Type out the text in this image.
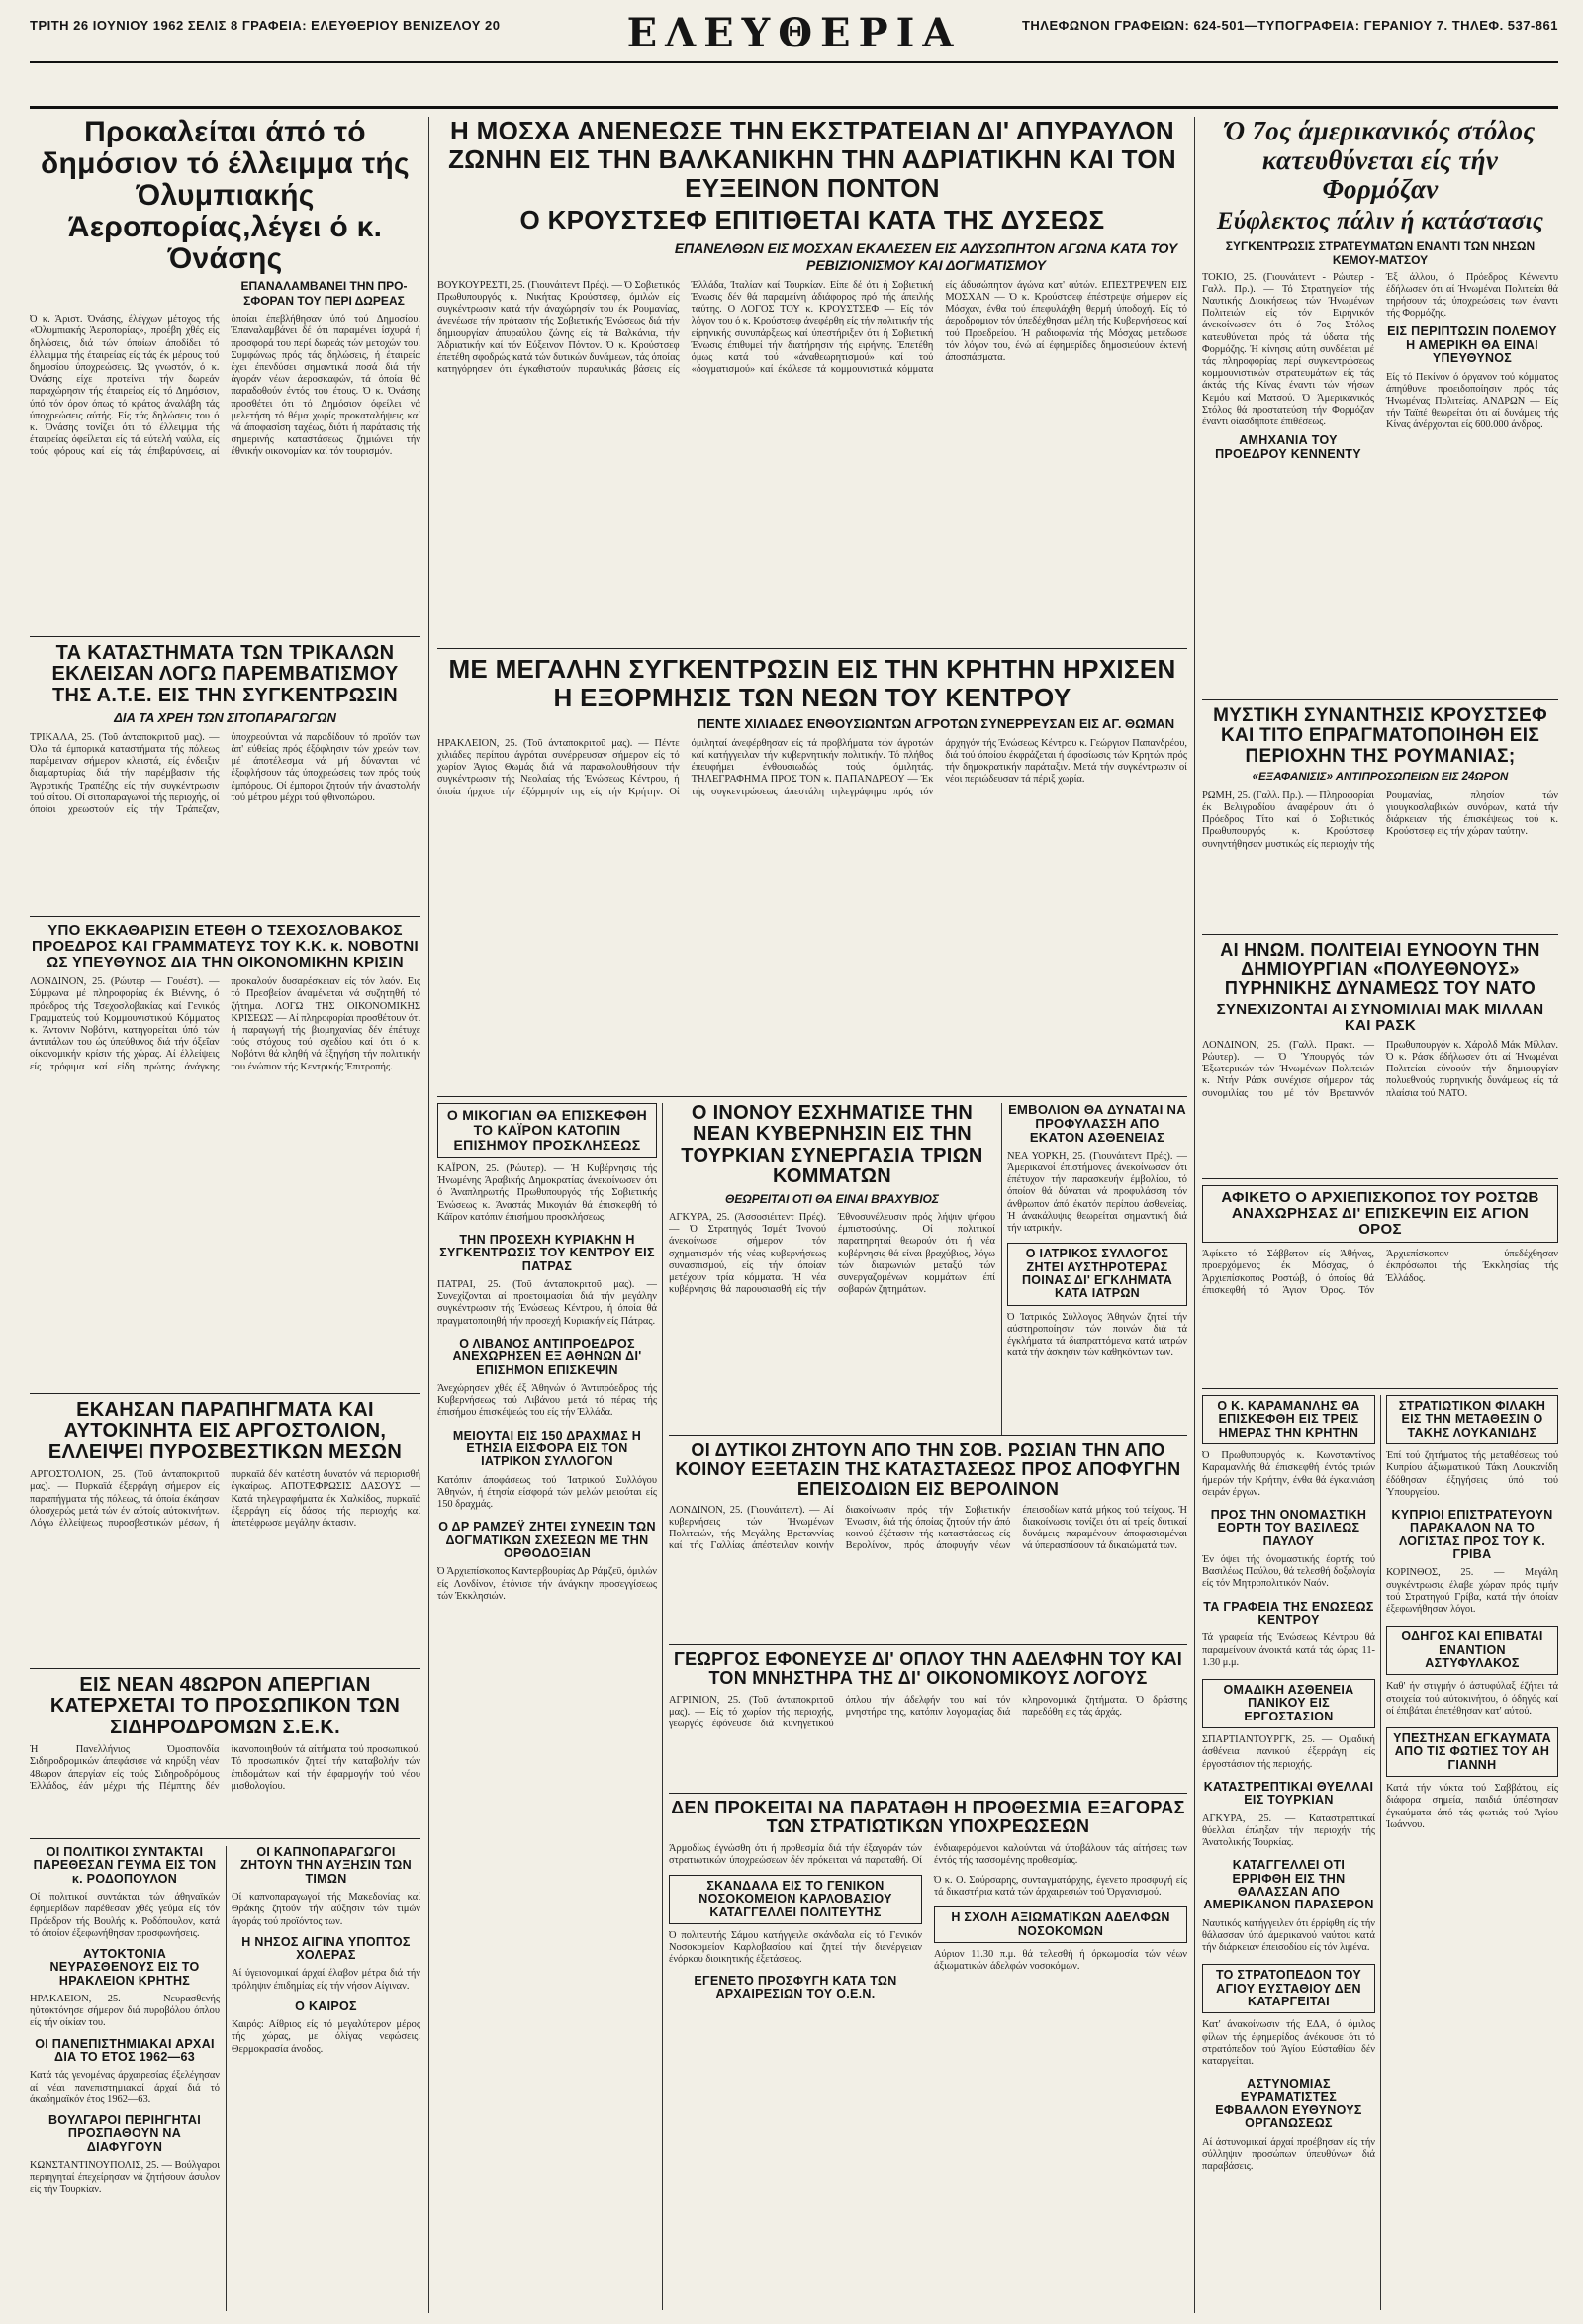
ΤΡΙΤΗ 26 ΙΟΥΝΙΟΥ 1962 ΣΕΛΙΣ 8 ΓΡΑΦΕΙΑ: ΕΛΕΥΘΕΡΙΟΥ ΒΕΝΙΖΕΛΟΥ 20	ΕΛΕΥΘΕΡΙΑ	ΤΗΛΕΦΩΝΟΝ ΓΡΑΦΕΙΩΝ: 624-501—ΤΥΠΟΓΡΑΦΕΙΑ: ΓΕΡΑΝΙΟΥ 7. ΤΗΛΕΦ. 537-861
Προκαλείται άπό τό δημόσιον τό έλλειμμα τής Όλυμπιακής Άεροπορίας,λέγει ό κ. Όνάσης
ΕΠΑΝΑΛΑΜΒΑΝΕΙ ΤΗΝ ΠΡΟ-ΣΦΟΡΑΝ ΤΟΥ ΠΕΡΙ ΔΩΡΕΑΣ
Ό κ. Άριστ. Όνάσης, έλέγχων μέτοχος τής «Όλυμπιακής Άεροπορίας», προέβη χθές είς δηλώσεις, διά τών όποίων άποδίδει τό έλλειμμα τής έταιρείας είς τάς έκ μέρους τού δημοσίου ύποχρεώσεις. Ώς γνωστόν, ό κ. Όνάσης είχε προτείνει τήν δωρεάν παραχώρησιν τής έταιρείας είς τό Δημόσιον, ύπό τόν όρον όπως τό κράτος άναλάβη τάς ύποχρεώσεις αύτής. Είς τάς δηλώσεις του ό κ. Όνάσης τονίζει ότι τό έλλειμμα τής έταιρείας όφείλεται είς τά εύτελή ναύλα, είς τούς φόρους καί είς τάς έπιβαρύνσεις, αί όποίαι έπεβλήθησαν ύπό τού Δημοσίου. Έπαναλαμβάνει δέ ότι παραμένει ίσχυρά ή προσφορά του περί δωρεάς τών μετοχών του. Συμφώνως πρός τάς δηλώσεις, ή έταιρεία έχει έπενδύσει σημαντικά ποσά διά τήν άγοράν νέων άεροσκαφών, τά όποία θά παραδοθούν έντός τού έτους. Ό κ. Όνάσης προσθέτει ότι τό Δημόσιον όφείλει νά μελετήση τό θέμα χωρίς προκαταλήψεις καί νά άποφασίση ταχέως, διότι ή παράτασις τής σημερινής καταστάσεως ζημιώνει τήν έθνικήν οικονομίαν καί τόν τουρισμόν.
ΤΑ ΚΑΤΑΣΤΗΜΑΤΑ ΤΩΝ ΤΡΙΚΑΛΩΝ ΕΚΛΕΙΣΑΝ ΛΟΓΩ ΠΑΡΕΜΒΑΤΙΣΜΟΥ ΤΗΣ Α.Τ.Ε. ΕΙΣ ΤΗΝ ΣΥΓΚΕΝΤΡΩΣΙΝ
ΔΙΑ ΤΑ ΧΡΕΗ ΤΩΝ ΣΙΤΟΠΑΡΑΓΩΓΩΝ
ΤΡΙΚΑΛΑ, 25. (Τοῦ άνταποκριτοῦ μας). — Όλα τά έμπορικά καταστήματα τής πόλεως παρέμειναν σήμερον κλειστά, είς ένδειξιν διαμαρτυρίας διά τήν παρέμβασιν τής Άγροτικής Τραπέζης είς τήν συγκέντρωσιν τού σίτου. Οί σιτοπαραγωγοί τής περιοχής, οί όποίοι χρεωστούν είς τήν Τράπεζαν, ύποχρεούνται νά παραδίδουν τό προϊόν των άπ' εύθείας πρός έξόφλησιν τών χρεών των, μέ άποτέλεσμα νά μή δύνανται νά έξοφλήσουν τάς ύποχρεώσεις των πρός τούς έμπόρους. Οί έμποροι ζητούν τήν άναστολήν τού μέτρου μέχρι τού φθινοπώρου.
ΥΠΟ ΕΚΚΑΘΑΡΙΣΙΝ ΕΤΕΘΗ Ο ΤΣΕΧΟΣΛΟΒΑΚΟΣ ΠΡΟΕΔΡΟΣ ΚΑΙ ΓΡΑΜΜΑΤΕΥΣ ΤΟΥ Κ.Κ. κ. ΝΟΒΟΤΝΙ ΩΣ ΥΠΕΥΘΥΝΟΣ ΔΙΑ ΤΗΝ ΟΙΚΟΝΟΜΙΚΗΝ ΚΡΙΣΙΝ
ΛΟΝΔΙΝΟΝ, 25. (Ρώυτερ — Γουέστ). — Σύμφωνα μέ πληροφορίας έκ Βιέννης, ό πρόεδρος τής Τσεχοσλοβακίας καί Γενικός Γραμματεύς τού Κομμουνιστικού Κόμματος κ. Άντονιν Νοβότνι, κατηγορείται ύπό τών άντιπάλων του ώς ύπεύθυνος διά τήν όξεΐαν οίκονομικήν κρίσιν τής χώρας. Αί έλλείψεις είς τρόφιμα καί είδη πρώτης άνάγκης προκαλούν δυσαρέσκειαν είς τόν λαόν. Εις τό Πρεσβείον άναμένεται νά συζητηθή τό ζήτημα. ΛΟΓΩ ΤΗΣ ΟΙΚΟΝΟΜΙΚΗΣ ΚΡΙΣΕΩΣ — Αί πληροφορίαι προσθέτουν ότι ή παραγωγή τής βιομηχανίας δέν έπέτυχε τούς στόχους τού σχεδίου καί ότι ό κ. Νοβότνι θά κληθή νά έξηγήση τήν πολιτικήν του ένώπιον τής Κεντρικής Έπιτροπής.
ΕΚΑΗΣΑΝ ΠΑΡΑΠΗΓΜΑΤΑ ΚΑΙ ΑΥΤΟΚΙΝΗΤΑ ΕΙΣ ΑΡΓΟΣΤΟΛΙΟΝ, ΕΛΛΕΙΨΕΙ ΠΥΡΟΣΒΕΣΤΙΚΩΝ ΜΕΣΩΝ
ΑΡΓΟΣΤΟΛΙΟΝ, 25. (Τοῦ άνταποκριτοῦ μας). — Πυρκαϊά έξερράγη σήμερον είς παραπήγματα τής πόλεως, τά όποία έκάησαν όλοσχερώς μετά τών έν αύτοίς αύτοκινήτων. Λόγω έλλείψεως πυροσβεστικών μέσων, ή πυρκαϊά δέν κατέστη δυνατόν νά περιορισθή έγκαίρως. ΑΠΟΤΕΦΡΩΣΙΣ ΔΑΣΟΥΣ — Κατά τηλεγραφήματα έκ Χαλκίδος, πυρκαϊά έξερράγη είς δάσος τής περιοχής καί άπετέφρωσε μεγάλην έκτασιν.
ΕΙΣ ΝΕΑΝ 48ΩΡΟΝ ΑΠΕΡΓΙΑΝ ΚΑΤΕΡΧΕΤΑΙ ΤΟ ΠΡΟΣΩΠΙΚΟΝ ΤΩΝ ΣΙΔΗΡΟΔΡΟΜΩΝ Σ.Ε.Κ.
Ή Πανελλήνιος Όμοσπονδία Σιδηροδρομικών άπεφάσισε νά κηρύξη νέαν 48ωρον άπεργίαν είς τούς Σιδηροδρόμους Έλλάδος, έάν μέχρι τής Πέμπτης δέν ίκανοποιηθούν τά αίτήματα τού προσωπικού. Τό προσωπικόν ζητεί τήν καταβολήν τών έπιδομάτων καί τήν έφαρμογήν τού νέου μισθολογίου.
ΟΙ ΠΟΛΙΤΙΚΟΙ ΣΥΝΤΑΚΤΑΙ ΠΑΡΕΘΕΣΑΝ ΓΕΥΜΑ ΕΙΣ ΤΟΝ κ. ΡΟΔΟΠΟΥΛΟΝ
Οί πολιτικοί συντάκται τών άθηναϊκών έφημερίδων παρέθεσαν χθές γεύμα είς τόν Πρόεδρον τής Βουλής κ. Ροδόπουλον, κατά τό όποίον έξεφωνήθησαν προσφωνήσεις.
ΑΥΤΟΚΤΟΝΙΑ ΝΕΥΡΑΣΘΕΝΟΥΣ ΕΙΣ ΤΟ ΗΡΑΚΛΕΙΟΝ ΚΡΗΤΗΣ
ΗΡΑΚΛΕΙΟΝ, 25. — Νευρασθενής ηὐτοκτόνησε σήμερον διά πυροβόλου όπλου είς τήν οίκίαν του.
ΟΙ ΠΑΝΕΠΙΣΤΗΜΙΑΚΑΙ ΑΡΧΑΙ ΔΙΑ ΤΟ ΕΤΟΣ 1962—63
Κατά τάς γενομένας άρχαιρεσίας έξελέγησαν αί νέαι πανεπιστημιακαί άρχαί διά τό άκαδημαϊκόν έτος 1962—63.
ΒΟΥΛΓΑΡΟΙ ΠΕΡΙΗΓΗΤΑΙ ΠΡΟΣΠΑΘΟΥΝ ΝΑ ΔΙΑΦΥΓΟΥΝ
ΚΩΝΣΤΑΝΤΙΝΟΥΠΟΛΙΣ, 25. — Βούλγαροι περιηγηταί έπεχείρησαν νά ζητήσουν άσυλον είς τήν Τουρκίαν.
ΟΙ ΚΑΠΝΟΠΑΡΑΓΩΓΟΙ ΖΗΤΟΥΝ ΤΗΝ ΑΥΞΗΣΙΝ ΤΩΝ ΤΙΜΩΝ
Οί καπνοπαραγωγοί τής Μακεδονίας καί Θράκης ζητούν τήν αύξησιν τών τιμών άγοράς τού προϊόντος των.
Η ΝΗΣΟΣ ΑΙΓΙΝΑ ΥΠΟΠΤΟΣ ΧΟΛΕΡΑΣ
Αί ύγειονομικαί άρχαί έλαβον μέτρα διά τήν πρόληψιν έπιδημίας είς τήν νήσον Αίγιναν.
Ο ΚΑΙΡΟΣ
Καιρός: Αίθριος είς τό μεγαλύτερον μέρος τής χώρας, με όλίγας νεφώσεις. Θερμοκρασία άνοδος.
Η ΜΟΣΧΑ ΑΝΕΝΕΩΣΕ ΤΗΝ ΕΚΣΤΡΑΤΕΙΑΝ ΔΙ' ΑΠΥΡΑΥΛΟΝ ΖΩΝΗΝ ΕΙΣ ΤΗΝ ΒΑΛΚΑΝΙΚΗΝ ΤΗΝ ΑΔΡΙΑΤΙΚΗΝ ΚΑΙ ΤΟΝ ΕΥΞΕΙΝΟΝ ΠΟΝΤΟΝ
Ο ΚΡΟΥΣΤΣΕΦ ΕΠΙΤΙΘΕΤΑΙ ΚΑΤΑ ΤΗΣ ΔΥΣΕΩΣ
ΕΠΑΝΕΛΘΩΝ ΕΙΣ ΜΟΣΧΑΝ ΕΚΑΛΕΣΕΝ ΕΙΣ ΑΔΥΣΩΠΗΤΟΝ ΑΓΩΝΑ ΚΑΤΑ ΤΟΥ ΡΕΒΙΖΙΟΝΙΣΜΟΥ ΚΑΙ ΔΟΓΜΑΤΙΣΜΟΥ
ΒΟΥΚΟΥΡΕΣΤΙ, 25. (Γιουνάιτεντ Πρές). — Ό Σοβιετικός Πρωθυπουργός κ. Νικήτας Κρούστσεφ, όμιλών είς συγκέντρωσιν κατά τήν άναχώρησίν του έκ Ρουμανίας, άνενέωσε τήν πρότασιν τής Σοβιετικής Ένώσεως διά τήν δημιουργίαν άπυραύλου ζώνης είς τά Βαλκάνια, τήν Άδριατικήν καί τόν Εύξεινον Πόντον. Ό κ. Κρούστσεφ έπετέθη σφοδρώς κατά τών δυτικών δυνάμεων, τάς όποίας κατηγόρησεν ότι έγκαθιστούν πυραυλικάς βάσεις είς Έλλάδα, Ίταλίαν καί Τουρκίαν. Είπε δέ ότι ή Σοβιετική Ένωσις δέν θά παραμείνη άδιάφορος πρό τής άπειλής ταύτης. Ο ΛΟΓΟΣ ΤΟΥ κ. ΚΡΟΥΣΤΣΕΦ — Είς τόν λόγον του ό κ. Κρούστσεφ άνεφέρθη είς τήν πολιτικήν τής είρηνικής συνυπάρξεως καί ύπεστήριξεν ότι ή Σοβιετική Ένωσις έπιθυμεί τήν διατήρησιν τής ειρήνης. Έπετέθη όμως κατά τού «άναθεωρητισμού» καί τού «δογματισμού» καί έκάλεσε τά κομμουνιστικά κόμματα είς άδυσώπητον άγώνα κατ' αύτών. ΕΠΕΣΤΡΕΨΕΝ ΕΙΣ ΜΟΣΧΑΝ — Ό κ. Κρούστσεφ έπέστρεψε σήμερον είς Μόσχαν, ένθα τού έπεφυλάχθη θερμή ύποδοχή. Είς τό άεροδρόμιον τόν ύπεδέχθησαν μέλη τής Κυβερνήσεως καί τού Προεδρείου. Ή ραδιοφωνία τής Μόσχας μετέδωσε τόν λόγον του, ένώ αί έφημερίδες δημοσιεύουν έκτενή άποσπάσματα.
ΜΕ ΜΕΓΑΛΗΝ ΣΥΓΚΕΝΤΡΩΣΙΝ ΕΙΣ ΤΗΝ ΚΡΗΤΗΝ ΗΡΧΙΣΕΝ Η ΕΞΟΡΜΗΣΙΣ ΤΩΝ ΝΕΩΝ ΤΟΥ ΚΕΝΤΡΟΥ
ΠΕΝΤΕ ΧΙΛΙΑΔΕΣ ΕΝΘΟΥΣΙΩΝΤΩΝ ΑΓΡΟΤΩΝ ΣΥΝΕΡΡΕΥΣΑΝ ΕΙΣ ΑΓ. ΘΩΜΑΝ
ΗΡΑΚΛΕΙΟΝ, 25. (Τοῦ άνταποκριτοῦ μας). — Πέντε χιλιάδες περίπου άγρόται συνέρρευσαν σήμερον είς τό χωρίον Άγιος Θωμάς διά νά παρακολουθήσουν τήν συγκέντρωσιν τής Νεολαίας τής Ένώσεως Κέντρου, ή όποία ήρχισε τήν έξόρμησίν της είς τήν Κρήτην. Οί όμιληταί άνεφέρθησαν είς τά προβλήματα τών άγροτών καί κατήγγειλαν τήν κυβερνητικήν πολιτικήν. Τό πλήθος έπευφήμει ένθουσιωδώς τούς όμιλητάς. ΤΗΛΕΓΡΑΦΗΜΑ ΠΡΟΣ ΤΟΝ κ. ΠΑΠΑΝΔΡΕΟΥ — Έκ τής συγκεντρώσεως άπεστάλη τηλεγράφημα πρός τόν άρχηγόν τής Ένώσεως Κέντρου κ. Γεώργιον Παπανδρέου, διά τού όποίου έκφράζεται ή άφοσίωσις τών Κρητών πρός τήν δημοκρατικήν παράταξιν. Μετά τήν συγκέντρωσιν οί νέοι περιώδευσαν τά πέριξ χωρία.
Ο ΜΙΚΟΓΙΑΝ ΘΑ ΕΠΙΣΚΕΦΘΗ ΤΟ ΚΑΪΡΟΝ ΚΑΤΟΠΙΝ ΕΠΙΣΗΜΟΥ ΠΡΟΣΚΛΗΣΕΩΣ
ΚΑΪΡΟΝ, 25. (Ρώυτερ). — Ή Κυβέρνησις τής Ήνωμένης Άραβικής Δημοκρατίας άνεκοίνωσεν ότι ό Άναπληρωτής Πρωθυπουργός τής Σοβιετικής Ένώσεως κ. Άναστάς Μικογιάν θά έπισκεφθή τό Κάϊρον κατόπιν έπισήμου προσκλήσεως.
ΤΗΝ ΠΡΟΣΕΧΗ ΚΥΡΙΑΚΗΝ Η ΣΥΓΚΕΝΤΡΩΣΙΣ ΤΟΥ ΚΕΝΤΡΟΥ ΕΙΣ ΠΑΤΡΑΣ
ΠΑΤΡΑΙ, 25. (Τοῦ άνταποκριτοῦ μας). — Συνεχίζονται αί προετοιμασίαι διά τήν μεγάλην συγκέντρωσιν τής Ένώσεως Κέντρου, ή όποία θά πραγματοποιηθή τήν προσεχή Κυριακήν είς Πάτρας.
Ο ΛΙΒΑΝΟΣ ΑΝΤΙΠΡΟΕΔΡΟΣ ΑΝΕΧΩΡΗΣΕΝ ΕΞ ΑΘΗΝΩΝ ΔΙ' ΕΠΙΣΗΜΟΝ ΕΠΙΣΚΕΨΙΝ
Άνεχώρησεν χθές έξ Άθηνών ό Άντιπρόεδρος τής Κυβερνήσεως τού Λιβάνου μετά τό πέρας τής έπισήμου έπισκέψεώς του είς τήν Έλλάδα.
ΜΕΙΟΥΤΑΙ ΕΙΣ 150 ΔΡΑΧΜΑΣ Η ΕΤΗΣΙΑ ΕΙΣΦΟΡΑ ΕΙΣ ΤΟΝ ΙΑΤΡΙΚΟΝ ΣΥΛΛΟΓΟΝ
Κατόπιν άποφάσεως τού Ίατρικού Συλλόγου Άθηνών, ή έτησία είσφορά τών μελών μειούται είς 150 δραχμάς.
Ο ΔΡ ΡΑΜΖΕΫ ΖΗΤΕΙ ΣΥΝΕΣΙΝ ΤΩΝ ΔΟΓΜΑΤΙΚΩΝ ΣΧΕΣΕΩΝ ΜΕ ΤΗΝ ΟΡΘΟΔΟΞΙΑΝ
Ό Άρχιεπίσκοπος Καντερβουρίας Δρ Ράμζεϋ, όμιλών είς Λονδίνον, έτόνισε τήν άνάγκην προσεγγίσεως τών Έκκλησιών.
Ο ΙΝΟΝΟΥ ΕΣΧΗΜΑΤΙΣΕ ΤΗΝ ΝΕΑΝ ΚΥΒΕΡΝΗΣΙΝ ΕΙΣ ΤΗΝ ΤΟΥΡΚΙΑΝ ΣΥΝΕΡΓΑΣΙΑ ΤΡΙΩΝ ΚΟΜΜΑΤΩΝ
ΘΕΩΡΕΙΤΑΙ ΟΤΙ ΘΑ ΕΙΝΑΙ ΒΡΑΧΥΒΙΟΣ
ΑΓΚΥΡΑ, 25. (Άσσοσιέιτεντ Πρές). — Ό Στρατηγός Ίσμέτ Ίνονού άνεκοίνωσε σήμερον τόν σχηματισμόν τής νέας κυβερνήσεως συνασπισμού, είς τήν όποίαν μετέχουν τρία κόμματα. Ή νέα κυβέρνησις θά παρουσιασθή είς τήν Έθνοσυνέλευσιν πρός λήψιν ψήφου έμπιστοσύνης. Οί πολιτικοί παρατηρηταί θεωρούν ότι ή νέα κυβέρνησις θά είναι βραχύβιος, λόγω τών διαφωνιών μεταξύ τών συνεργαζομένων κομμάτων έπί σοβαρών ζητημάτων.
ΟΙ ΔΥΤΙΚΟΙ ΖΗΤΟΥΝ ΑΠΟ ΤΗΝ ΣΟΒ. ΡΩΣΙΑΝ ΤΗΝ ΑΠΟ ΚΟΙΝΟΥ ΕΞΕΤΑΣΙΝ ΤΗΣ ΚΑΤΑΣΤΑΣΕΩΣ ΠΡΟΣ ΑΠΟΦΥΓΗΝ ΕΠΕΙΣΟΔΙΩΝ ΕΙΣ ΒΕΡΟΛΙΝΟΝ
ΛΟΝΔΙΝΟΝ, 25. (Γιουνάιτεντ). — Αί κυβερνήσεις τών Ήνωμένων Πολιτειών, τής Μεγάλης Βρεταννίας καί τής Γαλλίας άπέστειλαν κοινήν διακοίνωσιν πρός τήν Σοβιετικήν Ένωσιν, διά τής όποίας ζητούν τήν άπό κοινού έξέτασιν τής καταστάσεως είς Βερολίνον, πρός άποφυγήν νέων έπεισοδίων κατά μήκος τού τείχους. Ή διακοίνωσις τονίζει ότι αί τρείς δυτικαί δυνάμεις παραμένουν άποφασισμέναι νά ύπερασπίσουν τά δικαιώματά των.
ΓΕΩΡΓΟΣ ΕΦΟΝΕΥΣΕ ΔΙ' ΟΠΛΟΥ ΤΗΝ ΑΔΕΛΦΗΝ ΤΟΥ ΚΑΙ ΤΟΝ ΜΝΗΣΤΗΡΑ ΤΗΣ ΔΙ' ΟΙΚΟΝΟΜΙΚΟΥΣ ΛΟΓΟΥΣ
ΑΓΡΙΝΙΟΝ, 25. (Τοῦ άνταποκριτοῦ μας). — Είς τό χωρίον τής περιοχής, γεωργός έφόνευσε διά κυνηγετικού όπλου τήν άδελφήν του καί τόν μνηστήρα της, κατόπιν λογομαχίας διά κληρονομικά ζητήματα. Ό δράστης παρεδόθη είς τάς άρχάς.
ΔΕΝ ΠΡΟΚΕΙΤΑΙ ΝΑ ΠΑΡΑΤΑΘΗ Η ΠΡΟΘΕΣΜΙΑ ΕΞΑΓΟΡΑΣ ΤΩΝ ΣΤΡΑΤΙΩΤΙΚΩΝ ΥΠΟΧΡΕΩΣΕΩΝ
Άρμοδίως έγνώσθη ότι ή προθεσμία διά τήν έξαγοράν τών στρατιωτικών ύποχρεώσεων δέν πρόκειται νά παραταθή. Οί ένδιαφερόμενοι καλούνται νά ύποβάλουν τάς αίτήσεις των έντός τής τασσομένης προθεσμίας.
ΣΚΑΝΔΑΛΑ ΕΙΣ ΤΟ ΓΕΝΙΚΟΝ ΝΟΣΟΚΟΜΕΙΟΝ ΚΑΡΛΟΒΑΣΙΟΥ ΚΑΤΑΓΓΕΛΛΕΙ ΠΟΛΙΤΕΥΤΗΣ
Ό πολιτευτής Σάμου κατήγγειλε σκάνδαλα είς τό Γενικόν Νοσοκομείον Καρλοβασίου καί ζητεί τήν διενέργειαν ένόρκου διοικητικής έξετάσεως.
ΕΓΕΝΕΤΟ ΠΡΟΣΦΥΓΗ ΚΑΤΑ ΤΩΝ ΑΡΧΑΙΡΕΣΙΩΝ ΤΟΥ Ο.Ε.Ν.
Ό κ. Ο. Σούρσαρης, συνταγματάρχης, έγενετο προσφυγή είς τά δικαστήρια κατά τών άρχαιρεσιών τού Όργανισμού.
Η ΣΧΟΛΗ ΑΞΙΩΜΑΤΙΚΩΝ ΑΔΕΛΦΩΝ ΝΟΣΟΚΟΜΩΝ
Αύριον 11.30 π.μ. θά τελεσθή ή όρκωμοσία τών νέων άξιωματικών άδελφών νοσοκόμων.
ΕΜΒΟΛΙΟΝ ΘΑ ΔΥΝΑΤΑΙ ΝΑ ΠΡΟΦΥΛΑΣΣΗ ΑΠΟ ΕΚΑΤΟΝ ΑΣΘΕΝΕΙΑΣ
ΝΕΑ ΥΟΡΚΗ, 25. (Γιουνάιτεντ Πρές). — Άμερικανοί έπιστήμονες άνεκοίνωσαν ότι έπέτυχον τήν παρασκευήν έμβολίου, τό όποίον θά δύναται νά προφυλάσση τόν άνθρωπον άπό έκατόν περίπου άσθενείας. Ή άνακάλυψις θεωρείται σημαντική διά τήν ιατρικήν.
Ο ΙΑΤΡΙΚΟΣ ΣΥΛΛΟΓΟΣ ΖΗΤΕΙ ΑΥΣΤΗΡΟΤΕΡΑΣ ΠΟΙΝΑΣ ΔΙ' ΕΓΚΛΗΜΑΤΑ ΚΑΤΑ ΙΑΤΡΩΝ
Ό Ίατρικός Σύλλογος Άθηνών ζητεί τήν αύστηροποίησιν τών ποινών διά τά έγκλήματα τά διαπραττόμενα κατά ιατρών κατά τήν άσκησιν τών καθηκόντων των.
Ό 7ος άμερικανικός στόλος κατευθύνεται είς τήν Φορμόζαν
Εύφλεκτος πάλιν ή κατάστασις
ΣΥΓΚΕΝΤΡΩΣΙΣ ΣΤΡΑΤΕΥΜΑΤΩΝ ΕΝΑΝΤΙ ΤΩΝ ΝΗΣΩΝ ΚΕΜΟΥ-ΜΑΤΣΟΥ
ΤΟΚΙΟ, 25. (Γιουνάιτεντ - Ρώυτερ - Γαλλ. Πρ.). — Τό Στρατηγείον τής Ναυτικής Διοικήσεως τών Ήνωμένων Πολιτειών είς τόν Ειρηνικόν άνεκοίνωσεν ότι ό 7ος Στόλος κατευθύνεται πρός τά ύδατα τής Φορμόζης. Ή κίνησις αύτη συνδέεται μέ τάς πληροφορίας περί συγκεντρώσεως κομμουνιστικών στρατευμάτων είς τάς άκτάς τής Κίνας έναντι τών νήσων Κεμόυ καί Ματσού. Ό Άμερικανικός Στόλος θά προστατεύση τήν Φορμόζαν έναντι οίασδήποτε έπιθέσεως.
ΑΜΗΧΑΝΙΑ ΤΟΥ ΠΡΟΕΔΡΟΥ ΚΕΝΝΕΝΤΥ
Έξ άλλου, ό Πρόεδρος Κέννεντυ έδήλωσεν ότι αί Ήνωμέναι Πολιτείαι θά τηρήσουν τάς ύποχρεώσεις των έναντι τής Φορμόζης.
ΕΙΣ ΠΕΡΙΠΤΩΣΙΝ ΠΟΛΕΜΟΥ Η ΑΜΕΡΙΚΗ ΘΑ ΕΙΝΑΙ ΥΠΕΥΘΥΝΟΣ
Είς τό Πεκίνον ό όργανον τού κόμματος άπηύθυνε προειδοποίησιν πρός τάς Ήνωμένας Πολιτείας. ΑΝΔΡΩΝ — Είς τήν Ταϊπέ θεωρείται ότι αί δυνάμεις τής Κίνας άνέρχονται είς 600.000 άνδρας.
ΜΥΣΤΙΚΗ ΣΥΝΑΝΤΗΣΙΣ ΚΡΟΥΣΤΣΕΦ ΚΑΙ ΤΙΤΟ ΕΠΡΑΓΜΑΤΟΠΟΙΗΘΗ ΕΙΣ ΠΕΡΙΟΧΗΝ ΤΗΣ ΡΟΥΜΑΝΙΑΣ;
«ΕΞΑΦΑΝΙΣΙΣ» ΑΝΤΙΠΡΟΣΩΠΕΙΩΝ ΕΙΣ 24ΩΡΟΝ
ΡΩΜΗ, 25. (Γαλλ. Πρ.). — Πληροφορίαι έκ Βελιγραδίου άναφέρουν ότι ό Πρόεδρος Τίτο καί ό Σοβιετικός Πρωθυπουργός κ. Κρούστσεφ συνηντήθησαν μυστικώς είς περιοχήν τής Ρουμανίας, πλησίον τών γιουγκοσλαβικών συνόρων, κατά τήν διάρκειαν τής έπισκέψεως τού κ. Κρούστσεφ είς τήν χώραν ταύτην.
ΑΙ ΗΝΩΜ. ΠΟΛΙΤΕΙΑΙ ΕΥΝΟΟΥΝ ΤΗΝ ΔΗΜΙΟΥΡΓΙΑΝ «ΠΟΛΥΕΘΝΟΥΣ» ΠΥΡΗΝΙΚΗΣ ΔΥΝΑΜΕΩΣ ΤΟΥ ΝΑΤΟ
ΣΥΝΕΧΙΖΟΝΤΑΙ ΑΙ ΣΥΝΟΜΙΛΙΑΙ ΜΑΚ ΜΙΛΛΑΝ ΚΑΙ ΡΑΣΚ
ΛΟΝΔΙΝΟΝ, 25. (Γαλλ. Πρακτ. — Ρώυτερ). — Ό Ύπουργός τών Έξωτερικών τών Ήνωμένων Πολιτειών κ. Ντήν Ράσκ συνέχισε σήμερον τάς συνομιλίας του μέ τόν Βρεταννόν Πρωθυπουργόν κ. Χάρολδ Μάκ Μίλλαν. Ό κ. Ράσκ έδήλωσεν ότι αί Ήνωμέναι Πολιτείαι εύνοούν τήν δημιουργίαν πολυεθνούς πυρηνικής δυνάμεως είς τά πλαίσια τού ΝΑΤΟ.
ΑΦΙΚΕΤΟ Ο ΑΡΧΙΕΠΙΣΚΟΠΟΣ ΤΟΥ ΡΟΣΤΩΒ ΑΝΑΧΩΡΗΣΑΣ ΔΙ' ΕΠΙΣΚΕΨΙΝ ΕΙΣ ΑΓΙΟΝ ΟΡΟΣ
Άφίκετο τό Σάββατον είς Άθήνας, προερχόμενος έκ Μόσχας, ό Άρχιεπίσκοπος Ροστώβ, ό όποίος θά έπισκεφθή τό Άγιον Όρος. Τόν Άρχιεπίσκοπον ύπεδέχθησαν έκπρόσωποι τής Έκκλησίας τής Έλλάδος.
Ο Κ. ΚΑΡΑΜΑΝΛΗΣ ΘΑ ΕΠΙΣΚΕΦΘΗ ΕΙΣ ΤΡΕΙΣ ΗΜΕΡΑΣ ΤΗΝ ΚΡΗΤΗΝ
Ό Πρωθυπουργός κ. Κωνσταντίνος Καραμανλής θά έπισκεφθή έντός τριών ήμερών τήν Κρήτην, ένθα θά έγκαινιάση σειράν έργων.
ΠΡΟΣ ΤΗΝ ΟΝΟΜΑΣΤΙΚΗ ΕΟΡΤΗ ΤΟΥ ΒΑΣΙΛΕΩΣ ΠΑΥΛΟΥ
Έν όψει τής όνομαστικής έορτής τού Βασιλέως Παύλου, θά τελεσθή δοξολογία είς τόν Μητροπολιτικόν Ναόν.
ΤΑ ΓΡΑΦΕΙΑ ΤΗΣ ΕΝΩΣΕΩΣ ΚΕΝΤΡΟΥ
Τά γραφεία τής Ένώσεως Κέντρου θά παραμείνουν άνοικτά κατά τάς ώρας 11-1.30 μ.μ.
ΟΜΑΔΙΚΗ ΑΣΘΕΝΕΙΑ ΠΑΝΙΚΟΥ ΕΙΣ ΕΡΓΟΣΤΑΣΙΟΝ
ΣΠΑΡΤΙΑΝΤΟΥΡΓΚ, 25. — Ομαδική άσθένεια πανικού έξερράγη είς έργοστάσιον τής περιοχής.
ΚΑΤΑΣΤΡΕΠΤΙΚΑΙ ΘΥΕΛΛΑΙ ΕΙΣ ΤΟΥΡΚΙΑΝ
ΑΓΚΥΡΑ, 25. — Καταστρεπτικαί θύελλαι έπληξαν τήν περιοχήν τής Άνατολικής Τουρκίας.
ΚΑΤΑΓΓΕΛΛΕΙ ΟΤΙ ΕΡΡΙΦΘΗ ΕΙΣ ΤΗΝ ΘΑΛΑΣΣΑΝ ΑΠΟ ΑΜΕΡΙΚΑΝΟΝ ΠΑΡΑΣΕΡΟΝ
Ναυτικός κατήγγειλεν ότι έρρίφθη είς τήν θάλασσαν ύπό άμερικανού ναύτου κατά τήν διάρκειαν έπεισοδίου είς τόν λιμένα.
ΤΟ ΣΤΡΑΤΟΠΕΔΟΝ ΤΟΥ ΑΓΙΟΥ ΕΥΣΤΑΘΙΟΥ ΔΕΝ ΚΑΤΑΡΓΕΙΤΑΙ
Κατ' άνακοίνωσιν τής ΕΔΑ, ό όμιλος φίλων τής έφημερίδος άνέκουσε ότι τό στρατόπεδον τού Άγίου Εύσταθίου δέν καταργείται.
ΑΣΤΥΝΟΜΙΑΣ ΕΥΡΑΜΑΤΙΣΤΕΣ ΕΦΒΑΛΛΟΝ ΕΥΘΥΝΟΥΣ ΟΡΓΑΝΩΣΕΩΣ
Αί άστυνομικαί άρχαί προέβησαν είς τήν σύλληψιν προσώπων ύπευθύνων διά παραβάσεις.
ΣΤΡΑΤΙΩΤΙΚΟΝ ΦΙΛΑΚΗ ΕΙΣ ΤΗΝ ΜΕΤΑΘΕΣΙΝ Ο ΤΑΚΗΣ ΛΟΥΚΑΝΙΔΗΣ
Έπί τού ζητήματος τής μεταθέσεως τού Κυπρίου άξιωματικού Τάκη Λουκανίδη έδόθησαν έξηγήσεις ύπό τού Ύπουργείου.
ΚΥΠΡΙΟΙ ΕΠΙΣΤΡΑΤΕΥΟΥΝ ΠΑΡΑΚΑΛΟΝ ΝΑ ΤΟ ΛΟΓΙΣΤΑΣ ΠΡΟΣ ΤΟΥ Κ. ΓΡΙΒΑ
ΚΟΡΙΝΘΟΣ, 25. — Μεγάλη συγκέντρωσις έλαβε χώραν πρός τιμήν τού Στρατηγού Γρίβα, κατά τήν όποίαν έξεφωνήθησαν λόγοι.
ΟΔΗΓΟΣ ΚΑΙ ΕΠΙΒΑΤΑΙ ΕΝΑΝΤΙΟΝ ΑΣΤΥΦΥΛΑΚΟΣ
Καθ' ήν στιγμήν ό άστυφύλαξ έζήτει τά στοιχεία τού αύτοκινήτου, ό όδηγός καί οί έπιβάται έπετέθησαν κατ' αύτού.
ΥΠΕΣΤΗΣΑΝ ΕΓΚΑΥΜΑΤΑ ΑΠΟ ΤΙΣ ΦΩΤΙΕΣ ΤΟΥ ΑΗ ΓΙΑΝΝΗ
Κατά τήν νύκτα τού Σαββάτου, είς διάφορα σημεία, παιδιά ύπέστησαν έγκαύματα άπό τάς φωτιάς τού Άγίου Ίωάννου.
